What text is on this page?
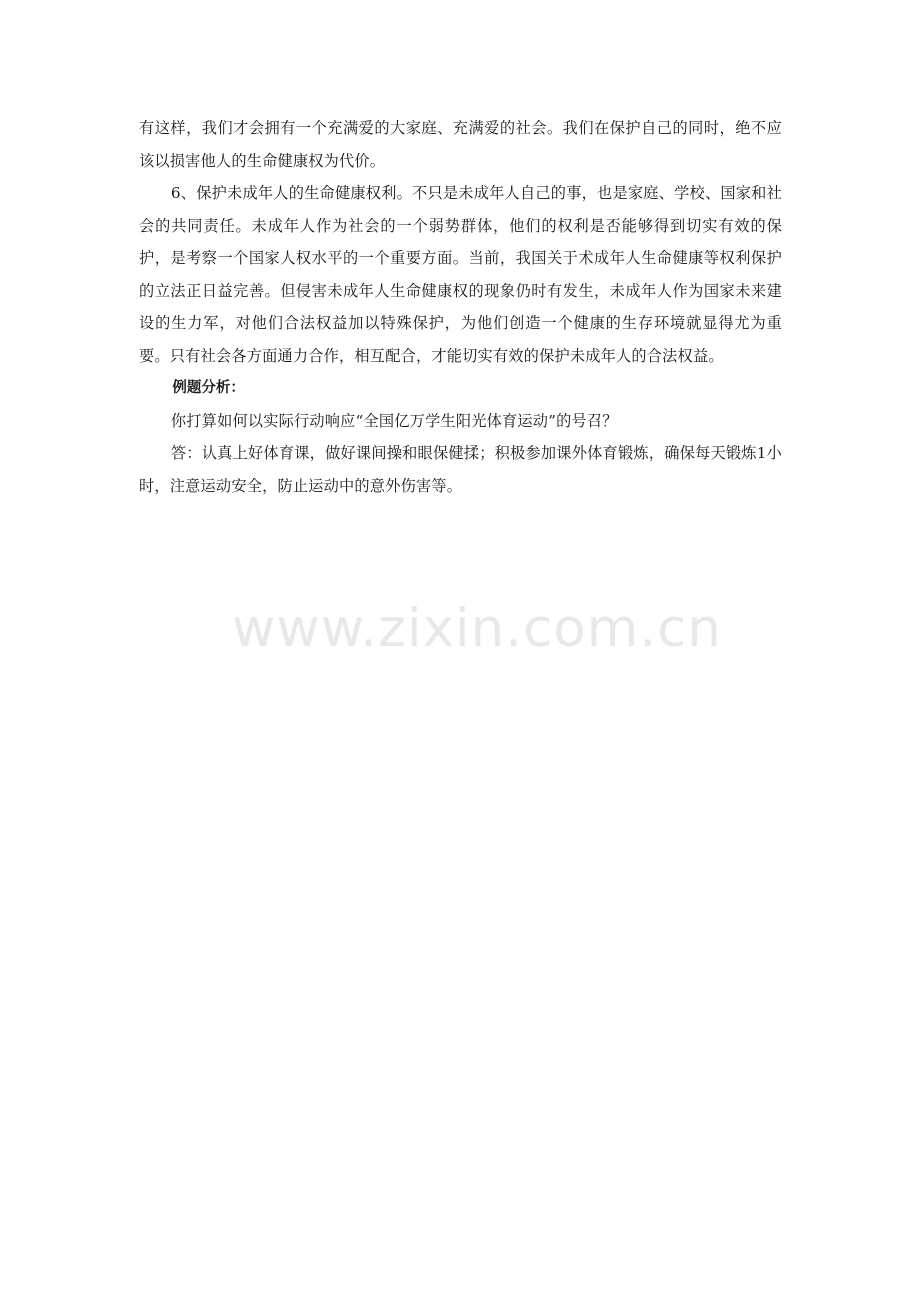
有这样，我们才会拥有一个充满爱的大家庭、充满爱的社会。我们在保护自己的同时，绝不应该以损害他人的生命健康权为代价。

6、保护未成年人的生命健康权利。不只是未成年人自己的事，也是家庭、学校、国家和社会的共同责任。未成年人作为社会的一个弱势群体，他们的权利是否能够得到切实有效的保护，是考察一个国家人权水平的一个重要方面。当前，我国关于术成年人生命健康等权利保护的立法正日益完善。但侵害未成年人生命健康权的现象仍时有发生，未成年人作为国家未来建设的生力军，对他们合法权益加以特殊保护，为他们创造一个健康的生存环境就显得尤为重要。只有社会各方面通力合作，相互配合，才能切实有效的保护未成年人的合法权益。

例题分析：

你打算如何以实际行动响应“全国亿万学生阳光体育运动”的号召？

答：认真上好体育课，做好课间操和眼保健揉；积极参加课外体育锻炼，确保每天锻炼1小时，注意运动安全，防止运动中的意外伤害等。

www.zixin.com.cn
